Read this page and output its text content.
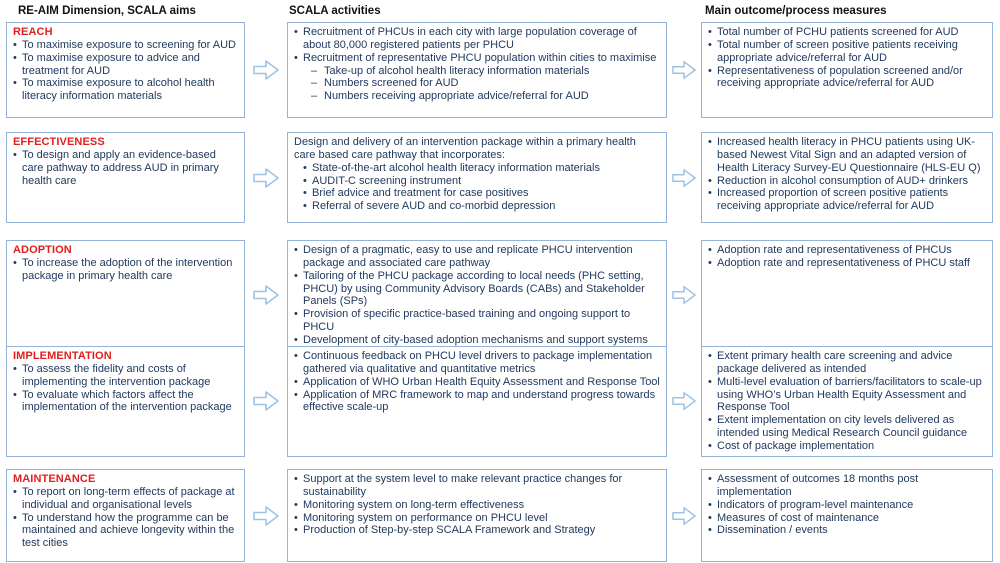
RE-AIM Dimension, SCALA aims	SCALA activities	Main outcome/process measures
REACH
• To maximise exposure to screening for AUD
• To maximise exposure to advice and treatment for AUD
• To maximise exposure to alcohol health literacy information materials
• Recruitment of PHCUs in each city with large population coverage of about 80,000 registered patients per PHCU
• Recruitment of representative PHCU population within cities to maximise
– Take-up of alcohol health literacy information materials
– Numbers screened for AUD
– Numbers receiving appropriate advice/referral for AUD
• Total number of PCHU patients screened for AUD
• Total number of screen positive patients receiving appropriate advice/referral for AUD
• Representativeness of population screened and/or receiving appropriate advice/referral for AUD
EFFECTIVENESS
• To design and apply an evidence-based care pathway to address AUD in primary health care
Design and delivery of an intervention package within a primary health care based care pathway that incorporates:
• State-of-the-art alcohol health literacy information materials
• AUDIT-C screening instrument
• Brief advice and treatment for case positives
• Referral of severe AUD and co-morbid depression
• Increased health literacy in PHCU patients using UK-based Newest Vital Sign and an adapted version of Health Literacy Survey-EU Questionnaire (HLS-EU Q)
• Reduction in alcohol consumption of AUD+ drinkers
• Increased proportion of screen positive patients receiving appropriate advice/referral for AUD
ADOPTION
• To increase the adoption of the intervention package in primary health care
• Design of a pragmatic, easy to use and replicate PHCU intervention package and associated care pathway
• Tailoring of the PHCU package according to local needs (PHC setting, PHCU) by using Community Advisory Boards (CABs) and Stakeholder Panels (SPs)
• Provision of specific practice-based training and ongoing support to PHCU
• Development of city-based adoption mechanisms and support systems
• Adoption rate and representativeness of PHCUs
• Adoption rate and representativeness of PHCU staff
IMPLEMENTATION
• To assess the fidelity and costs of implementing the intervention package
• To evaluate which factors affect the implementation of the intervention package
• Continuous feedback on PHCU level drivers to package implementation gathered via qualitative and quantitative metrics
• Application of WHO Urban Health Equity Assessment and Response Tool
• Application of MRC framework to map and understand progress towards effective scale-up
• Extent primary health care screening and advice package delivered as intended
• Multi-level evaluation of barriers/facilitators to scale-up using WHO’s Urban Health Equity Assessment and Response Tool
• Extent implementation on city levels delivered as intended using Medical Research Council guidance
• Cost of package implementation
MAINTENANCE
• To report on long-term effects of package at individual and organisational levels
• To understand how the programme can be maintained and achieve longevity within the test cities
• Support at the system level to make relevant practice changes for sustainability
• Monitoring system on long-term effectiveness
• Monitoring system on performance on PHCU level
• Production of Step-by-step SCALA Framework and Strategy
• Assessment of outcomes 18 months post implementation
• Indicators of program-level maintenance
• Measures of cost of maintenance
• Dissemination / events
